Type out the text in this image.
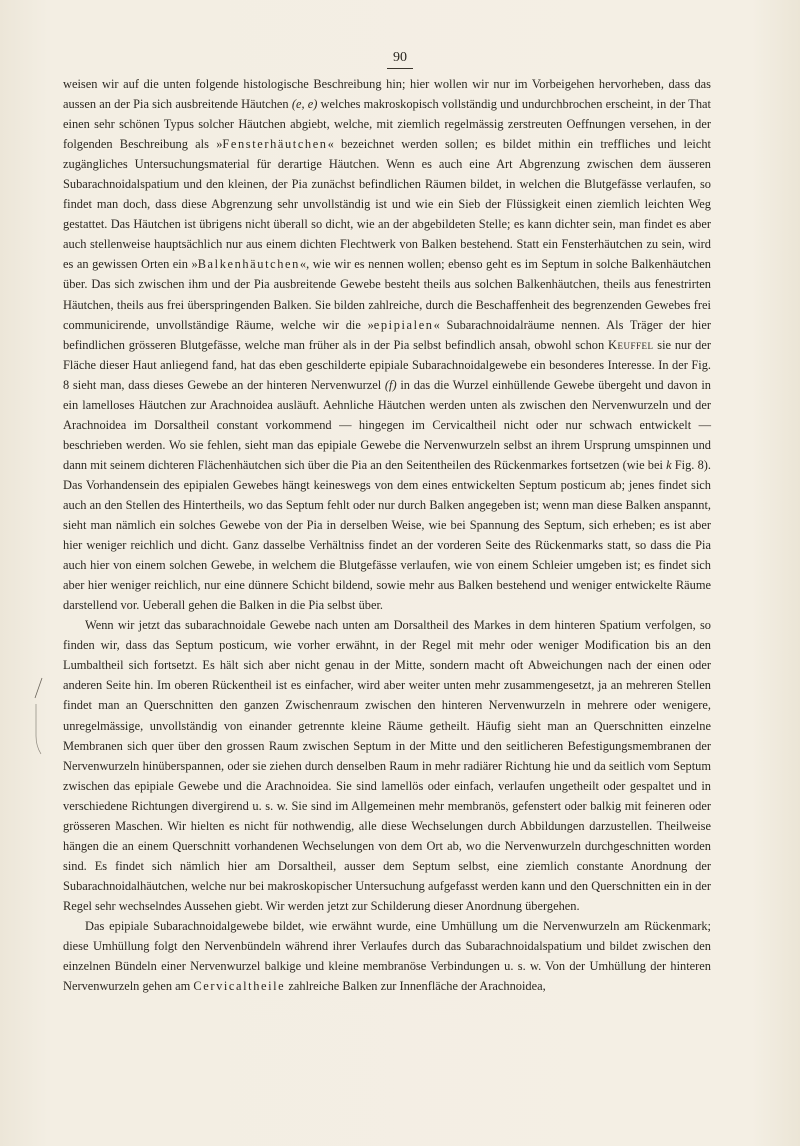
90

weisen wir auf die unten folgende histologische Beschreibung hin; hier wollen wir nur im Vorbeigehen hervorheben, dass das aussen an der Pia sich ausbreitende Häutchen (e, e) welches makroskopisch vollständig und undurchbrochen erscheint, in der That einen sehr schönen Typus solcher Häutchen abgiebt, welche, mit ziemlich regelmässig zerstreuten Oeffnungen versehen, in der folgenden Beschreibung als »Fensterhäutchen« bezeichnet werden sollen; es bildet mithin ein treffliches und leicht zugängliches Untersuchungsmaterial für derartige Häutchen. Wenn es auch eine Art Abgrenzung zwischen dem äusseren Subarachnoidalspatium und den kleinen, der Pia zunächst befindlichen Räumen bildet, in welchen die Blutgefässe verlaufen, so findet man doch, dass diese Abgrenzung sehr unvollständig ist und wie ein Sieb der Flüssigkeit einen ziemlich leichten Weg gestattet. Das Häutchen ist übrigens nicht überall so dicht, wie an der abgebildeten Stelle; es kann dichter sein, man findet es aber auch stellenweise hauptsächlich nur aus einem dichten Flechtwerk von Balken bestehend. Statt ein Fensterhäutchen zu sein, wird es an gewissen Orten ein »Balkenhäutchen«, wie wir es nennen wollen; ebenso geht es im Septum in solche Balkenhäutchen über. Das sich zwischen ihm und der Pia ausbreitende Gewebe besteht theils aus solchen Balkenhäutchen, theils aus fenestrirten Häutchen, theils aus frei überspringenden Balken. Sie bilden zahlreiche, durch die Beschaffenheit des begrenzenden Gewebes frei communicirende, unvollständige Räume, welche wir die »epipialen« Subarachnoidalräume nennen. Als Träger der hier befindlichen grösseren Blutgefässe, welche man früher als in der Pia selbst befindlich ansah, obwohl schon Keuffel sie nur der Fläche dieser Haut anliegend fand, hat das eben geschilderte epipiale Subarachnoidalgewebe ein besonderes Interesse. In der Fig. 8 sieht man, dass dieses Gewebe an der hinteren Nervenwurzel (f) in das die Wurzel einhüllende Gewebe übergeht und davon in ein lamelloses Häutchen zur Arachnoidea ausläuft. Aehnliche Häutchen werden unten als zwischen den Nervenwurzeln und der Arachnoidea im Dorsaltheil constant vorkommend — hingegen im Cervicaltheil nicht oder nur schwach entwickelt — beschrieben werden. Wo sie fehlen, sieht man das epipiale Gewebe die Nervenwurzeln selbst an ihrem Ursprung umspinnen und dann mit seinem dichteren Flächenhäutchen sich über die Pia an den Seitentheilen des Rückenmarkes fortsetzen (wie bei k Fig. 8). Das Vorhandensein des epipialen Gewebes hängt keineswegs von dem eines entwickelten Septum posticum ab; jenes findet sich auch an den Stellen des Hintertheils, wo das Septum fehlt oder nur durch Balken angegeben ist; wenn man diese Balken anspannt, sieht man nämlich ein solches Gewebe von der Pia in derselben Weise, wie bei Spannung des Septum, sich erheben; es ist aber hier weniger reichlich und dicht. Ganz dasselbe Verhältniss findet an der vorderen Seite des Rückenmarks statt, so dass die Pia auch hier von einem solchen Gewebe, in welchem die Blutgefässe verlaufen, wie von einem Schleier umgeben ist; es findet sich aber hier weniger reichlich, nur eine dünnere Schicht bildend, sowie mehr aus Balken bestehend und weniger entwickelte Räume darstellend vor. Ueberall gehen die Balken in die Pia selbst über.

Wenn wir jetzt das subarachnoidale Gewebe nach unten am Dorsaltheil des Markes in dem hinteren Spatium verfolgen, so finden wir, dass das Septum posticum, wie vorher erwähnt, in der Regel mit mehr oder weniger Modification bis an den Lumbaltheil sich fortsetzt. Es hält sich aber nicht genau in der Mitte, sondern macht oft Abweichungen nach der einen oder anderen Seite hin. Im oberen Rückentheil ist es einfacher, wird aber weiter unten mehr zusammengesetzt, ja an mehreren Stellen findet man an Querschnitten den ganzen Zwischenraum zwischen den hinteren Nervenwurzeln in mehrere oder wenigere, unregelmässige, unvollständig von einander getrennte kleine Räume getheilt. Häufig sieht man an Querschnitten einzelne Membranen sich quer über den grossen Raum zwischen Septum in der Mitte und den seitlicheren Befestigungsmembranen der Nervenwurzeln hinüberspannen, oder sie ziehen durch denselben Raum in mehr radiärer Richtung hie und da seitlich vom Septum zwischen das epipiale Gewebe und die Arachnoidea. Sie sind lamellös oder einfach, verlaufen ungetheilt oder gespaltet und in verschiedene Richtungen divergirend u. s. w. Sie sind im Allgemeinen mehr membranös, gefenstert oder balkig mit feineren oder grösseren Maschen. Wir hielten es nicht für nothwendig, alle diese Wechselungen durch Abbildungen darzustellen. Theilweise hängen die an einem Querschnitt vorhandenen Wechselungen von dem Ort ab, wo die Nervenwurzeln durchgeschnitten worden sind. Es findet sich nämlich hier am Dorsaltheil, ausser dem Septum selbst, eine ziemlich constante Anordnung der Subarachnoidalhäutchen, welche nur bei makroskopischer Untersuchung aufgefasst werden kann und den Querschnitten ein in der Regel sehr wechselndes Aussehen giebt. Wir werden jetzt zur Schilderung dieser Anordnung übergehen.

Das epipiale Subarachnoidalgewebe bildet, wie erwähnt wurde, eine Umhüllung um die Nervenwurzeln am Rückenmark; diese Umhüllung folgt den Nervenbündeln während ihrer Verlaufes durch das Subarachnoidalspatium und bildet zwischen den einzelnen Bündeln einer Nervenwurzel balkige und kleine membranöse Verbindungen u. s. w. Von der Umhüllung der hinteren Nervenwurzeln gehen am Cervicaltheile zahlreiche Balken zur Innenfläche der Arachnoidea,
